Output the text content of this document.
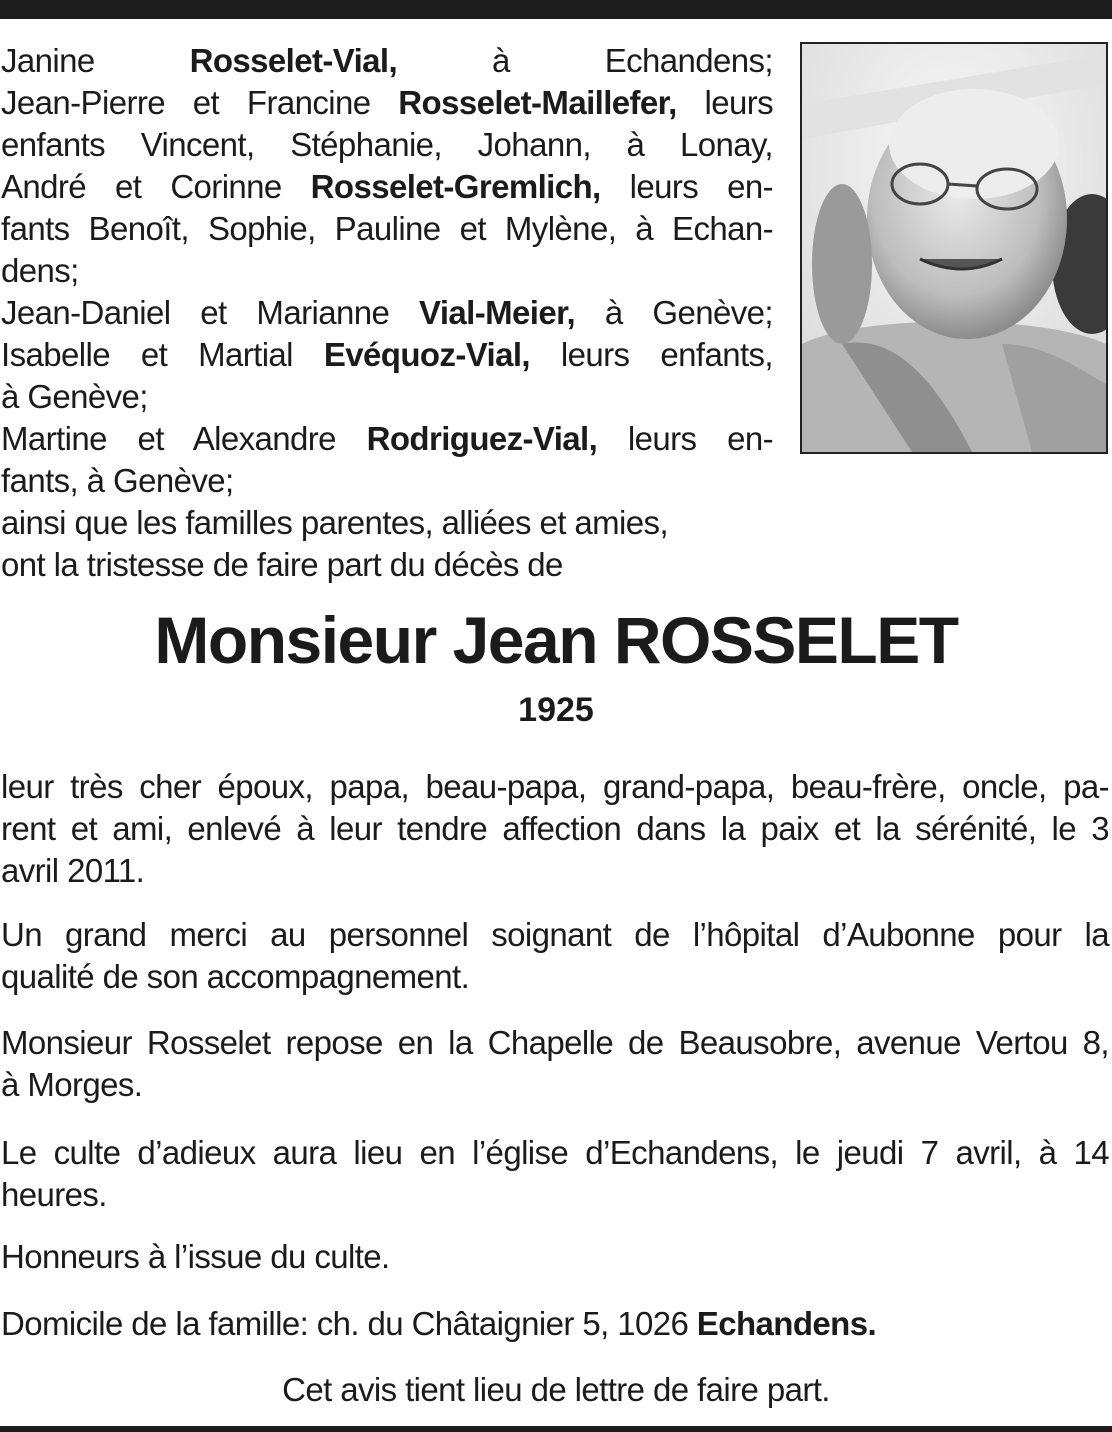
Janine Rosselet-Vial, à Echandens;
Jean-Pierre et Francine Rosselet-Maillefer, leurs
enfants Vincent, Stéphanie, Johann, à Lonay,
André et Corinne Rosselet-Gremlich, leurs en-
fants Benoît, Sophie, Pauline et Mylène, à Echan-
dens;
Jean-Daniel et Marianne Vial-Meier, à Genève;
Isabelle et Martial Evéquoz-Vial, leurs enfants,
à Genève;
Martine et Alexandre Rodriguez-Vial, leurs en-
fants, à Genève;
ainsi que les familles parentes, alliées et amies,
ont la tristesse de faire part du décès de
Monsieur Jean ROSSELET
1925
leur très cher époux, papa, beau-papa, grand-papa, beau-frère, oncle, pa-
rent et ami, enlevé à leur tendre affection dans la paix et la sérénité, le 3
avril 2011.
Un grand merci au personnel soignant de l’hôpital d’Aubonne pour la
qualité de son accompagnement.
Monsieur Rosselet repose en la Chapelle de Beausobre, avenue Vertou 8,
à Morges.
Le culte d’adieux aura lieu en l’église d’Echandens, le jeudi 7 avril, à 14
heures.
Honneurs à l’issue du culte.
Domicile de la famille: ch. du Châtaignier 5, 1026 Echandens.
Cet avis tient lieu de lettre de faire part.
